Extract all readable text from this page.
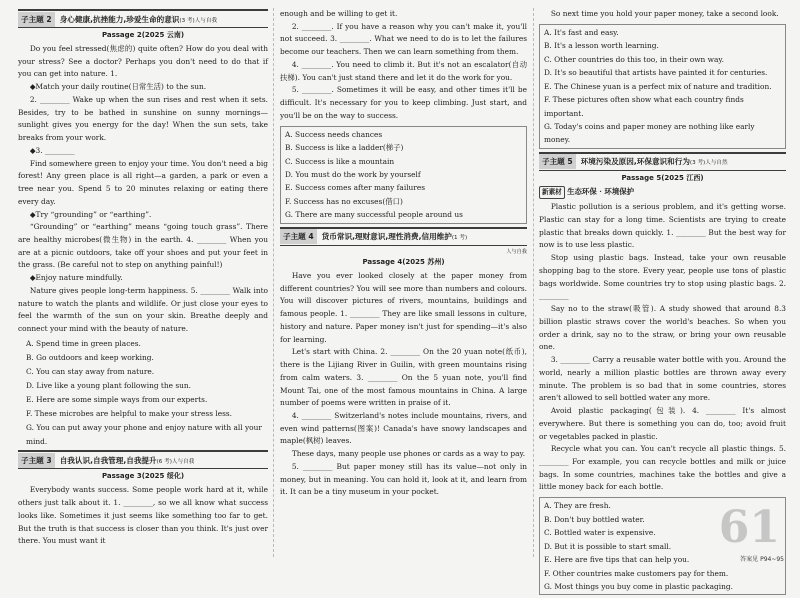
子主题 2	身心健康,抗挫能力,珍爱生命的意识(3 考)人与自我
Passage 2(2025 云南)

Do you feel stressed(焦虑的) quite often? How do you deal with your stress? See a doctor? Perhaps you don't need to do that if you can get into nature. 1.

◆Match your daily routine(日常生活) to the sun.

2. ________ Wake up when the sun rises and rest when it sets. Besides, try to be bathed in sunshine on sunny mornings—sunlight gives you energy for the day! When the sun sets, take breaks from your work.

◆3. ________

Find somewhere green to enjoy your time. You don't need a big forest! Any green place is all right—a garden, a park or even a tree near you. Spend 5 to 20 minutes relaxing or eating there every day.

◆Try “grounding” or “earthing”.

“Grounding” or “earthing” means “going touch grass”. There are healthy microbes(微生物) in the earth. 4. ________ When you are at a picnic outdoors, take off your shoes and put your feet in the grass. (Be careful not to step on anything painful!)

◆Enjoy nature mindfully.

Nature gives people long-term happiness. 5. ________ Walk into nature to watch the plants and wildlife. Or just close your eyes to feel the warmth of the sun on your skin. Breathe deeply and connect your mind with the beauty of nature.

A. Spend time in green places.

B. Go outdoors and keep working.

C. You can stay away from nature.

D. Live like a young plant following the sun.

E. Here are some simple ways from our experts.

F. These microbes are helpful to make your stress less.

G. You can put away your phone and enjoy nature with all your mind.

子主题 3	自我认识,自我管理,自我提升(6 考)人与自我
Passage 3(2025 绥化)

Everybody wants success. Some people work hard at it, while others just talk about it. 1. ________, so we all know what success looks like. Sometimes it just seems like something too far to get. But the truth is that success is closer than you think. It's just over there. You must want it

enough and be willing to get it.

2. ________. If you have a reason why you can't make it, you'll not succeed. 3. ________. What we need to do is to let the failures become our teachers. Then we can learn something from them.

4. ________. You need to climb it. But it's not an escalator(自动扶梯). You can't just stand there and let it do the work for you.

5. ________. Sometimes it will be easy, and other times it'll be difficult. It's necessary for you to keep climbing. Just start, and you'll be on the way to success.

A. Success needs chances

B. Success is like a ladder(梯子)

C. Success is like a mountain

D. You must do the work by yourself

E. Success comes after many failures

F. Success has no excuses(借口)

G. There are many successful people around us

子主题 4	货币常识,理财意识,理性消费,信用维护(1 考)
人与自我
Passage 4(2025 苏州)

Have you ever looked closely at the paper money from different countries? You will see more than numbers and colours. You will discover pictures of rivers, mountains, buildings and famous people. 1. ________ They are like small lessons in culture, history and nature. Paper money isn't just for spending—it's also for learning.

Let's start with China. 2. ________ On the 20 yuan note(纸币), there is the Lijiang River in Guilin, with green mountains rising from calm waters. 3. ________ On the 5 yuan note, you'll find Mount Tai, one of the most famous mountains in China. A large number of poems were written in praise of it.

4. ________ Switzerland's notes include mountains, rivers, and even wind patterns(图案)! Canada's have snowy landscapes and maple(枫树) leaves.

These days, many people use phones or cards as a way to pay.

5. ________ But paper money still has its value—not only in money, but in meaning. You can hold it, look at it, and learn from it. It can be a tiny museum in your pocket.

So next time you hold your paper money, take a second look.

A. It's fast and easy.

B. It's a lesson worth learning.

C. Other countries do this too, in their own way.

D. It's so beautiful that artists have painted it for centuries.

E. The Chinese yuan is a perfect mix of nature and tradition.

F. These pictures often show what each country finds important.

G. Today's coins and paper money are nothing like early money.

子主题 5	环境污染及原因,环保意识和行为(3 考)人与自然
Passage 5(2025 江西)

新素材 生态环保 · 环境保护

Plastic pollution is a serious problem, and it's getting worse. Plastic can stay for a long time. Scientists are trying to create plastic that breaks down quickly. 1. ________ But the best way for now is to use less plastic.

Stop using plastic bags. Instead, take your own reusable shopping bag to the store. Every year, people use tons of plastic bags worldwide. Some countries try to stop using plastic bags. 2. ________

Say no to the straw(吸管). A study showed that around 8.3 billion plastic straws cover the world's beaches. So when you order a drink, say no to the straw, or bring your own reusable one.

3. ________ Carry a reusable water bottle with you. Around the world, nearly a million plastic bottles are thrown away every minute. The problem is so bad that in some countries, stores aren't allowed to sell bottled water any more.

Avoid plastic packaging(包装). 4. ________ It's almost everywhere. But there is something you can do, too; avoid fruit or vegetables packed in plastic.

Recycle what you can. You can't recycle all plastic things. 5. ________ For example, you can recycle bottles and milk or juice bags. In some countries, machines take the bottles and give a little money back for each bottle.

A. They are fresh.

B. Don't buy bottled water.

C. Bottled water is expensive.

D. But it is possible to start small.

E. Here are five tips that can help you.

F. Other countries make customers pay for them.

G. Most things you buy come in plastic packaging.

61
答案见 P94~95
